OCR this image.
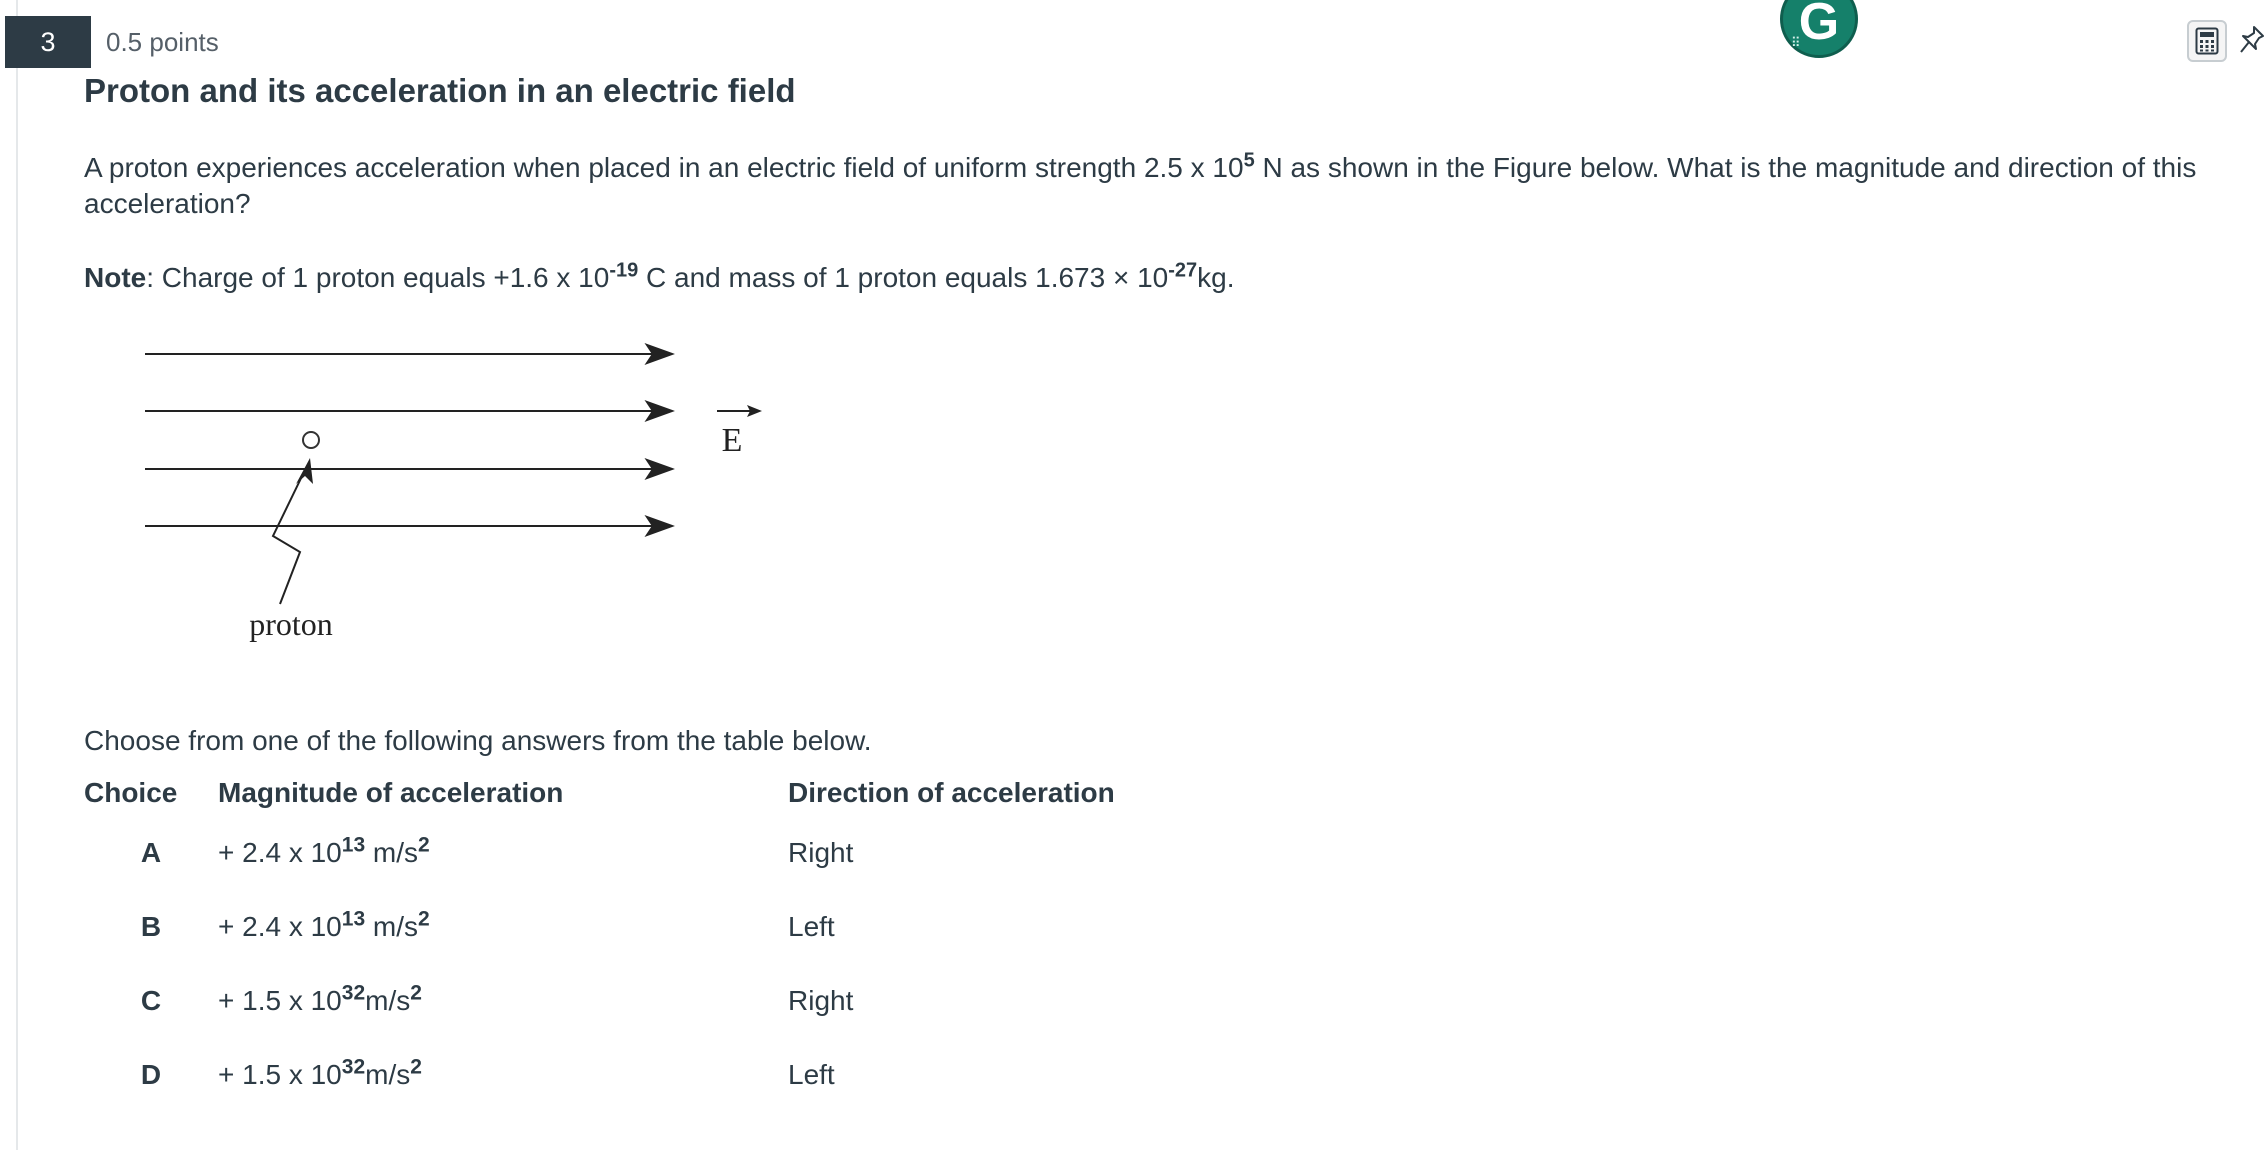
3 0.5 points	G
⠿
Proton and its acceleration in an electric field

A proton experiences acceleration when placed in an electric field of uniform strength 2.5 x $10^5$ N as shown in the Figure below. What is the magnitude and direction of this acceleration?

Note: Charge of 1 proton equals +1.6 x $10^{-19}$ C and mass of 1 proton equals $1.673 \times 10^{-27}kg$.

E
proton

Choose from one of the following answers from the table below.

Choice	Magnitude of acceleration	Direction of acceleration
A	+ 2.4 x $10^{13}$ $m/s^2$	Right
B	+ 2.4 x $10^{13}$ $m/s^2$	Left
C	+ 1.5 x $10^{32}m/s^2$	Right
D	+ 1.5 x $10^{32}m/s^2$	Left
